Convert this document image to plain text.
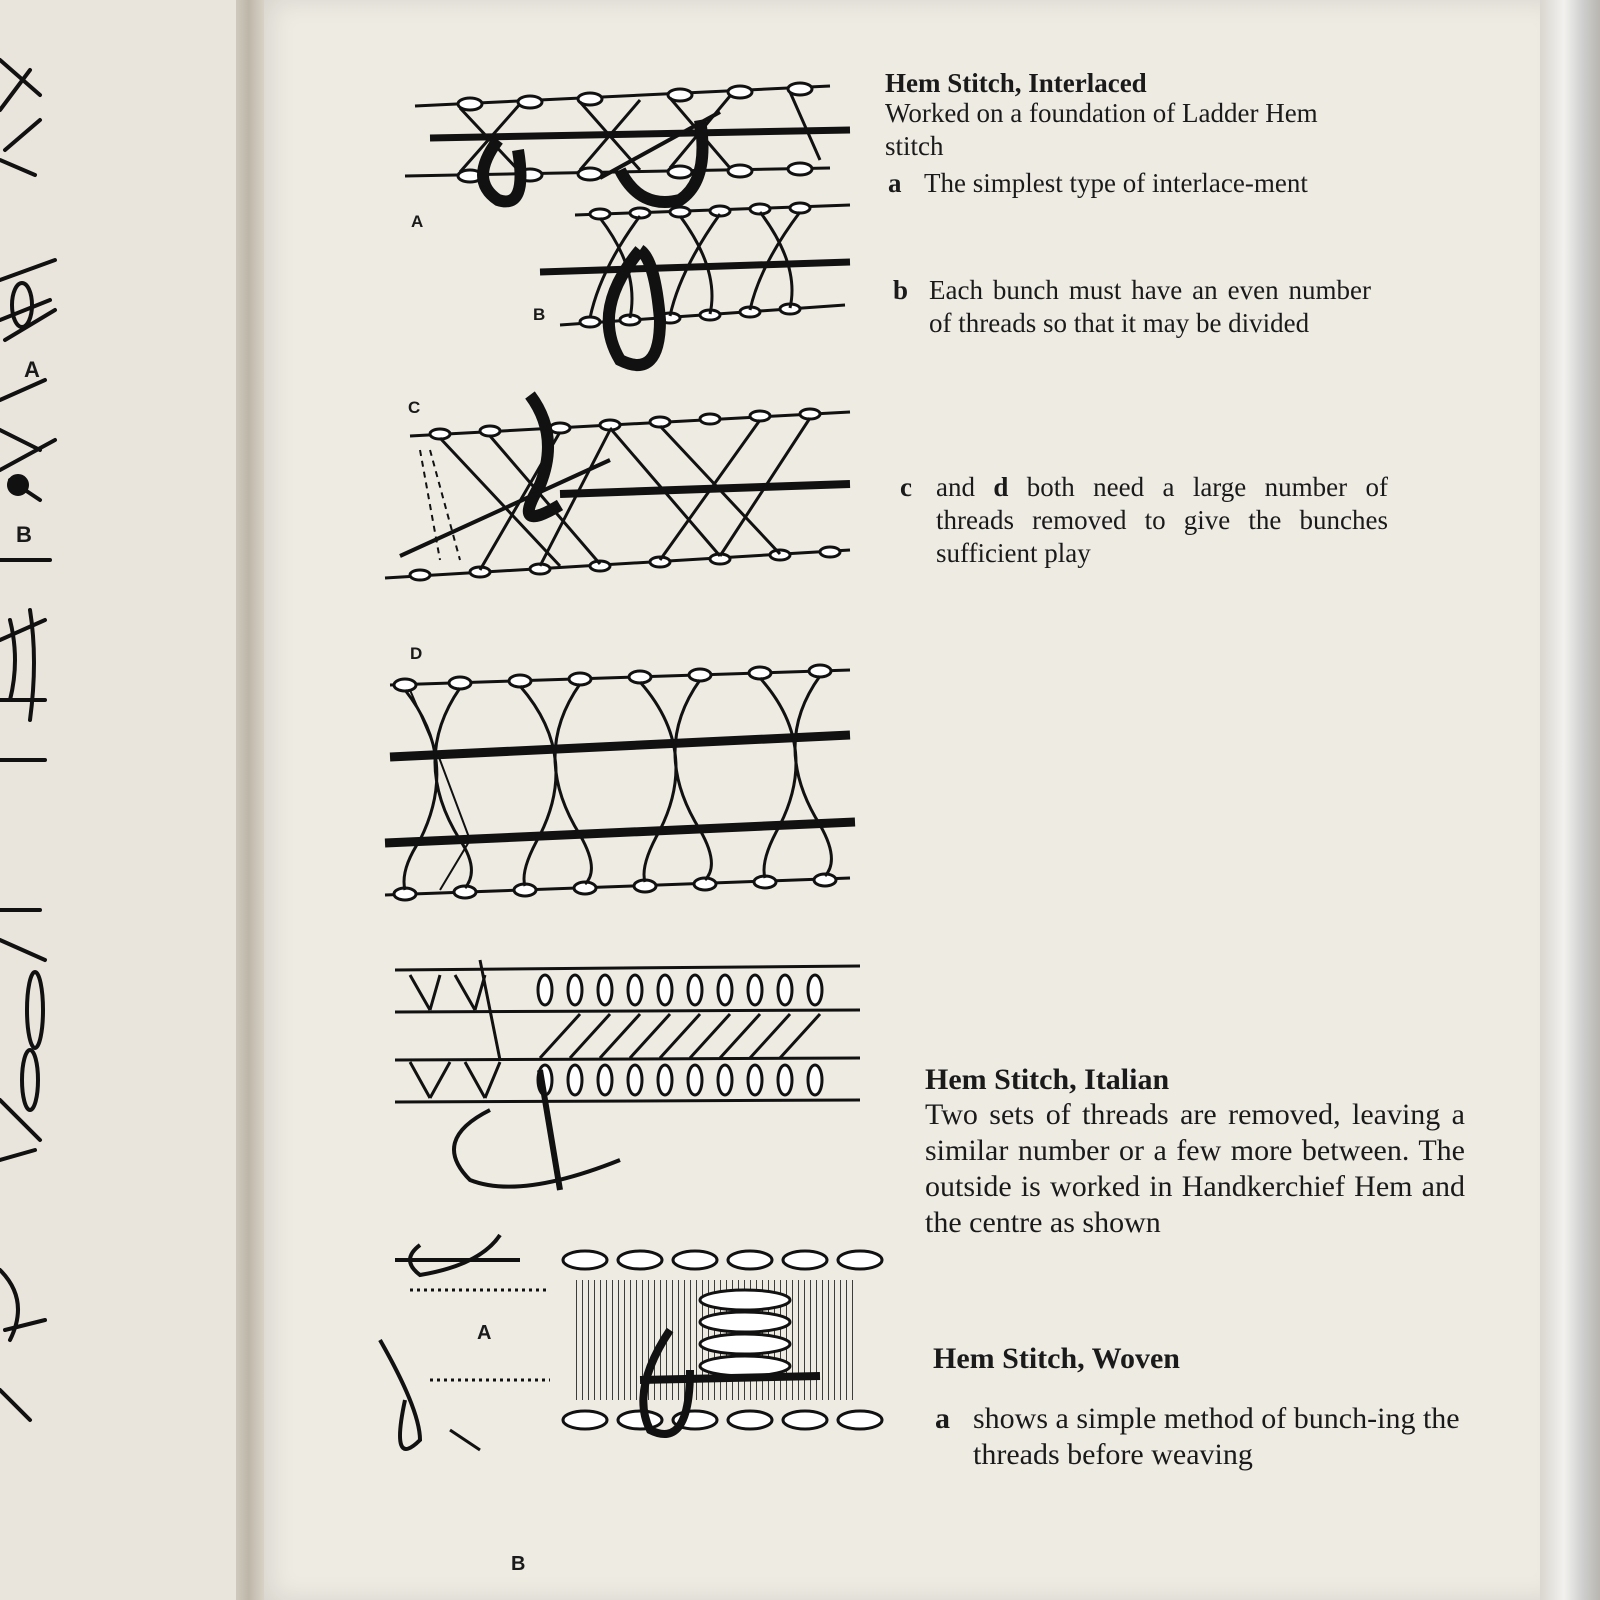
A
B
A
B
C
D
A
B
Hem Stitch, Interlaced
Worked on a foundation of Ladder Hem stitch
a The simplest type of interlace-ment
b Each bunch must have an even number of threads so that it may be divided
c and d both need a large number of threads removed to give the bunches sufficient play
Hem Stitch, Italian
Two sets of threads are removed, leaving a similar number or a few more between. The outside is worked in Handkerchief Hem and the centre as shown
Hem Stitch, Woven
a shows a simple method of bunch-ing the threads before weaving
